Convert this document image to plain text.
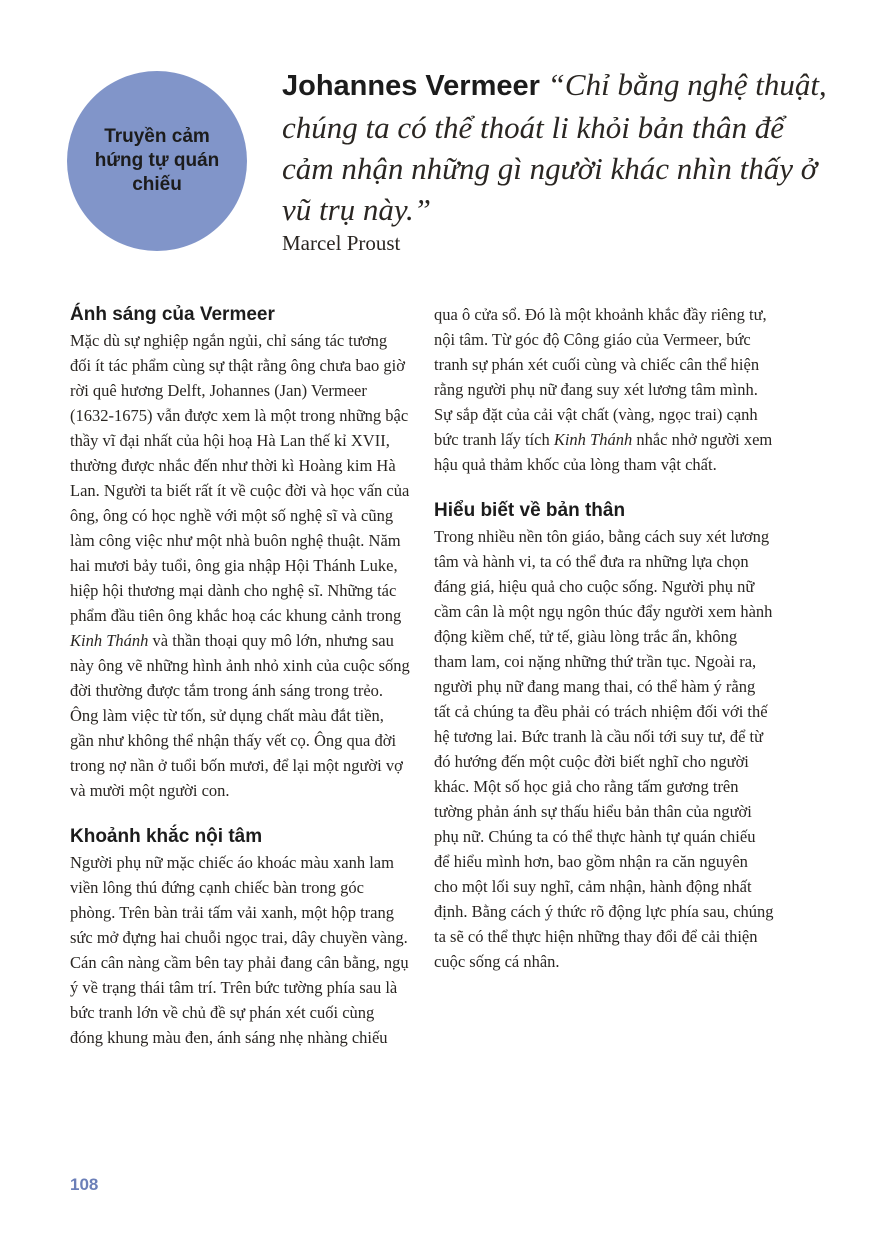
Truyền cảm hứng tự quán chiếu

Johannes Vermeer “Chỉ bằng nghệ thuật, chúng ta có thể thoát li khỏi bản thân để cảm nhận những gì người khác nhìn thấy ở vũ trụ này.”

Marcel Proust
Ánh sáng của Vermeer

Mặc dù sự nghiệp ngắn ngủi, chỉ sáng tác tương đối ít tác phẩm cùng sự thật rằng ông chưa bao giờ rời quê hương Delft, Johannes (Jan) Vermeer (1632-1675) vẫn được xem là một trong những bậc thầy vĩ đại nhất của hội hoạ Hà Lan thế kỉ XVII, thường được nhắc đến như thời kì Hoàng kim Hà Lan. Người ta biết rất ít về cuộc đời và học vấn của ông, ông có học nghề với một số nghệ sĩ và cũng làm công việc như một nhà buôn nghệ thuật. Năm hai mươi bảy tuổi, ông gia nhập Hội Thánh Luke, hiệp hội thương mại dành cho nghệ sĩ. Những tác phẩm đầu tiên ông khắc hoạ các khung cảnh trong Kinh Thánh và thần thoại quy mô lớn, nhưng sau này ông vẽ những hình ảnh nhỏ xinh của cuộc sống đời thường được tắm trong ánh sáng trong trẻo. Ông làm việc từ tốn, sử dụng chất màu đắt tiền, gần như không thể nhận thấy vết cọ. Ông qua đời trong nợ nần ở tuổi bốn mươi, để lại một người vợ và mười một người con.

Khoảnh khắc nội tâm

Người phụ nữ mặc chiếc áo khoác màu xanh lam viền lông thú đứng cạnh chiếc bàn trong góc phòng. Trên bàn trải tấm vải xanh, một hộp trang sức mở đựng hai chuỗi ngọc trai, dây chuyền vàng. Cán cân nàng cầm bên tay phải đang cân bằng, ngụ ý về trạng thái tâm trí. Trên bức tường phía sau là bức tranh lớn về chủ đề sự phán xét cuối cùng đóng khung màu đen, ánh sáng nhẹ nhàng chiếu

qua ô cửa sổ. Đó là một khoảnh khắc đầy riêng tư, nội tâm. Từ góc độ Công giáo của Vermeer, bức tranh sự phán xét cuối cùng và chiếc cân thể hiện rằng người phụ nữ đang suy xét lương tâm mình. Sự sắp đặt của cải vật chất (vàng, ngọc trai) cạnh bức tranh lấy tích Kinh Thánh nhắc nhở người xem hậu quả thảm khốc của lòng tham vật chất.

Hiểu biết về bản thân

Trong nhiều nền tôn giáo, bằng cách suy xét lương tâm và hành vi, ta có thể đưa ra những lựa chọn đáng giá, hiệu quả cho cuộc sống. Người phụ nữ cầm cân là một ngụ ngôn thúc đẩy người xem hành động kiềm chế, tử tế, giàu lòng trắc ẩn, không tham lam, coi nặng những thứ trần tục. Ngoài ra, người phụ nữ đang mang thai, có thể hàm ý rằng tất cả chúng ta đều phải có trách nhiệm đối với thế hệ tương lai. Bức tranh là cầu nối tới suy tư, để từ đó hướng đến một cuộc đời biết nghĩ cho người khác. Một số học giả cho rằng tấm gương trên tường phản ánh sự thấu hiểu bản thân của người phụ nữ. Chúng ta có thể thực hành tự quán chiếu để hiểu mình hơn, bao gồm nhận ra căn nguyên cho một lối suy nghĩ, cảm nhận, hành động nhất định. Bằng cách ý thức rõ động lực phía sau, chúng ta sẽ có thể thực hiện những thay đổi để cải thiện cuộc sống cá nhân.

108
